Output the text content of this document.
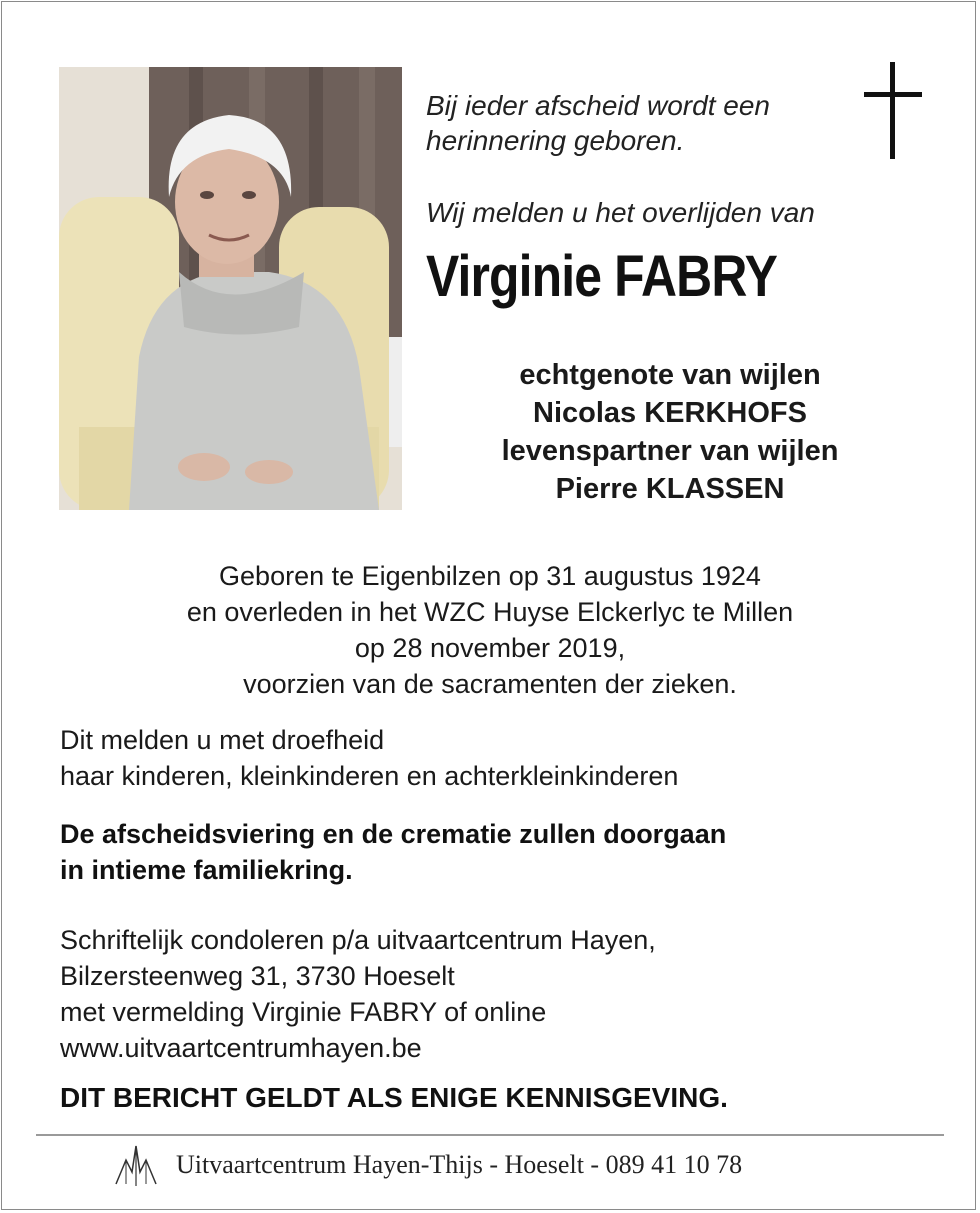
Bij ieder afscheid wordt een
herinnering geboren.
Wij melden u het overlijden van
Virginie FABRY
echtgenote van wijlen
Nicolas KERKHOFS
levenspartner van wijlen
Pierre KLASSEN
Geboren te Eigenbilzen op 31 augustus 1924
en overleden in het WZC Huyse Elckerlyc te Millen
op 28 november 2019,
voorzien van de sacramenten der zieken.
Dit melden u met droefheid
haar kinderen, kleinkinderen en achterkleinkinderen
De afscheidsviering en de crematie zullen doorgaan
in intieme familiekring.
Schriftelijk condoleren p/a uitvaartcentrum Hayen,
Bilzersteenweg 31, 3730 Hoeselt
met vermelding Virginie FABRY of online
www.uitvaartcentrumhayen.be
DIT BERICHT GELDT ALS ENIGE KENNISGEVING.
Uitvaartcentrum Hayen-Thijs - Hoeselt - 089 41 10 78
